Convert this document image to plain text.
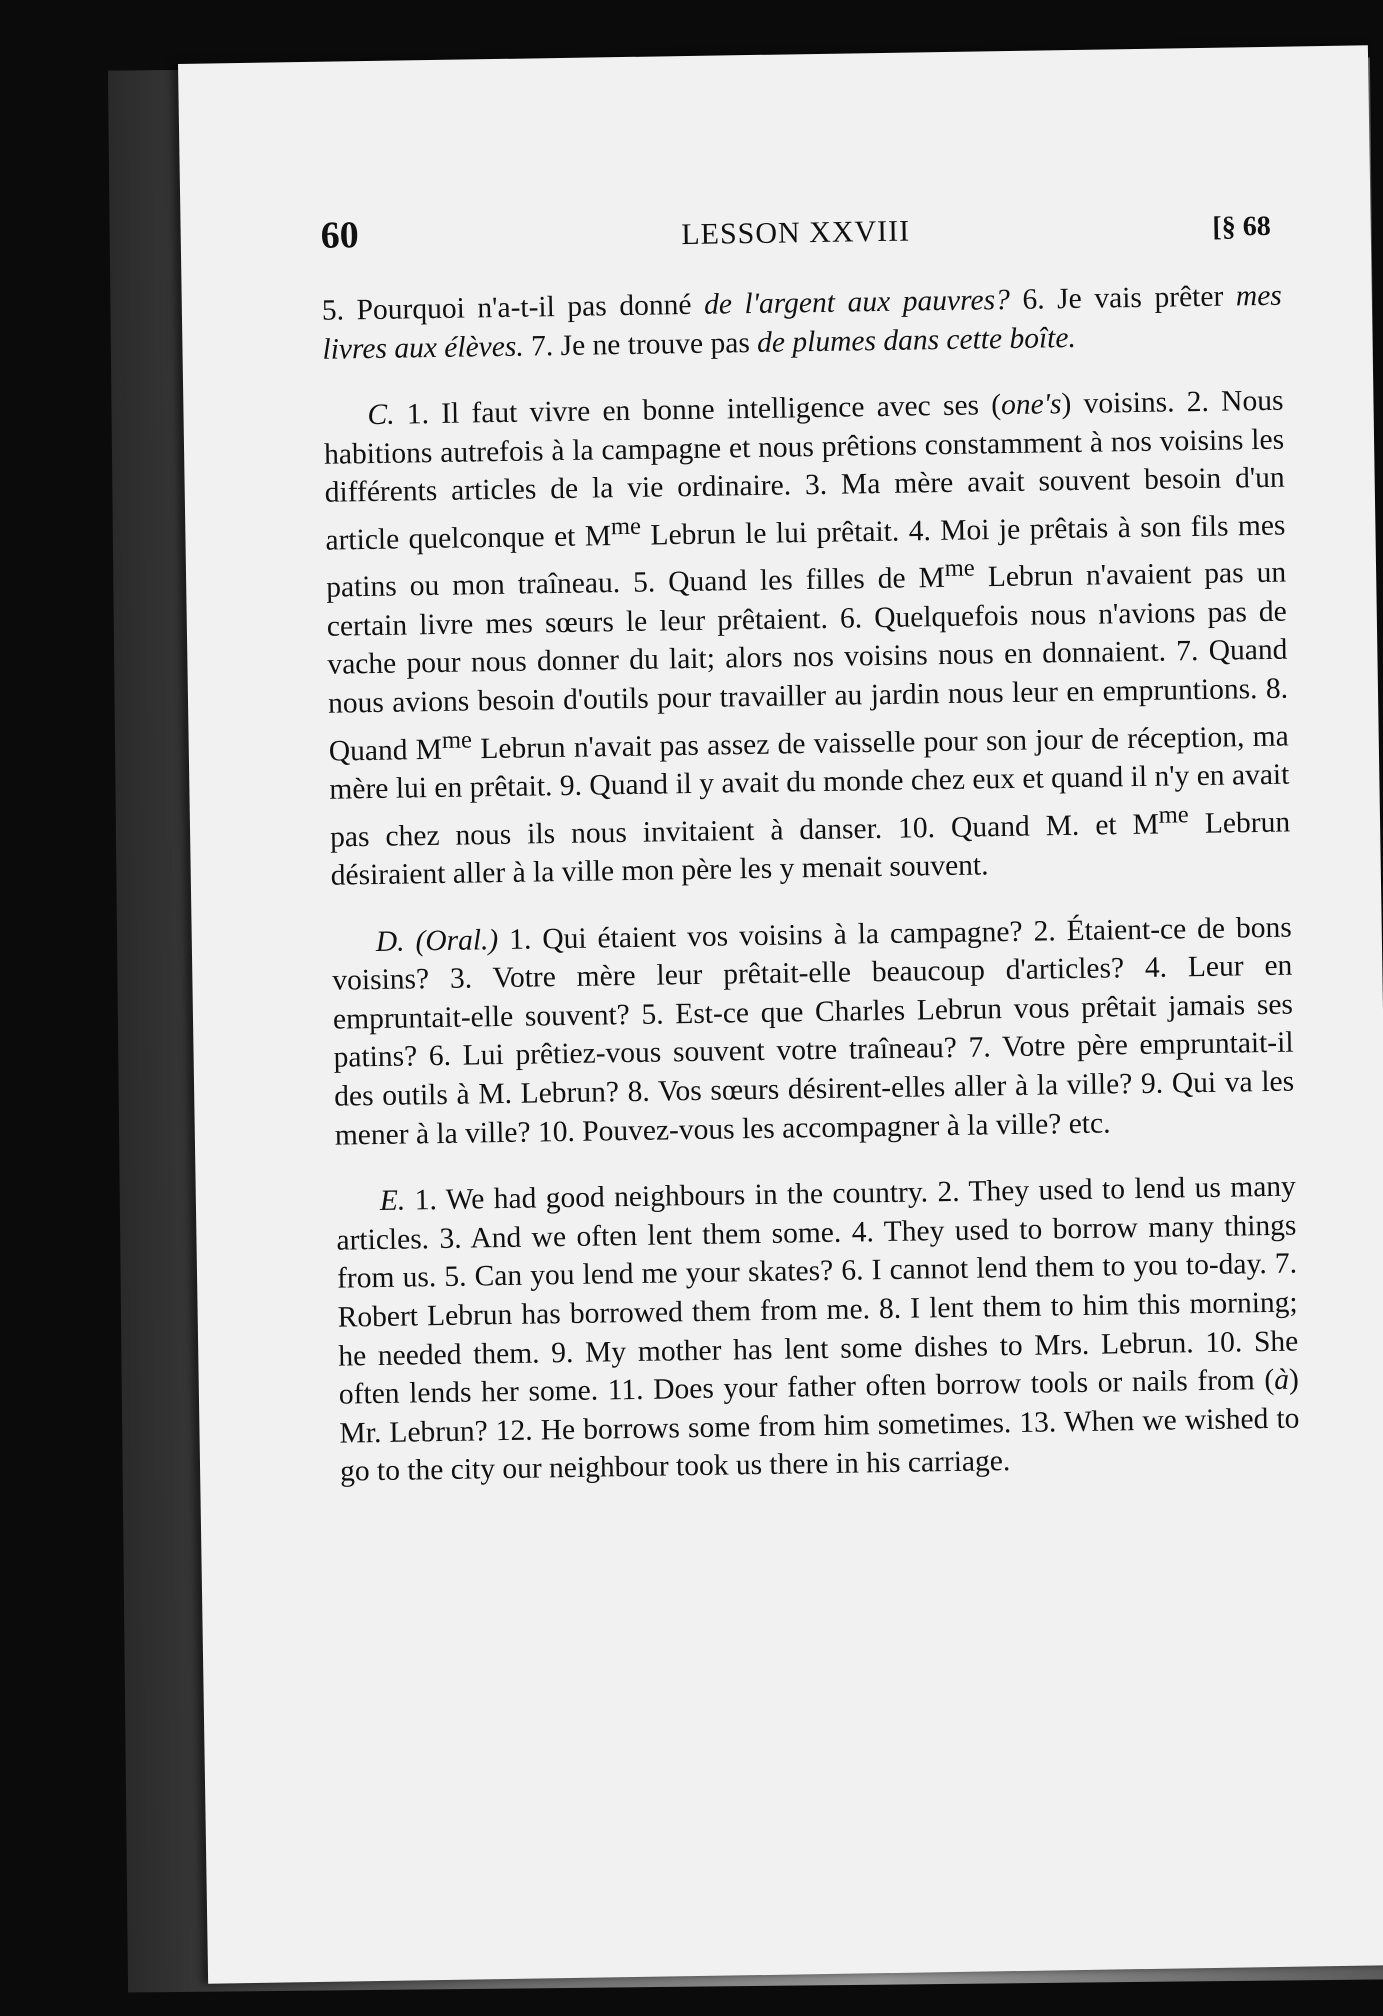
60	LESSON XXVIII	[§ 68

5. Pourquoi n'a-t-il pas donné de l'argent aux pauvres? 6. Je vais prêter mes livres aux élèves. 7. Je ne trouve pas de plumes dans cette boîte.

C. 1. Il faut vivre en bonne intelligence avec ses (one's) voisins. 2. Nous habitions autrefois à la campagne et nous prêtions constamment à nos voisins les différents articles de la vie ordinaire. 3. Ma mère avait souvent besoin d'un article quelconque et $M^{me}$ Lebrun le lui prêtait. 4. Moi je prêtais à son fils mes patins ou mon traîneau. 5. Quand les filles de $M^{me}$ Lebrun n'avaient pas un certain livre mes sœurs le leur prêtaient. 6. Quelquefois nous n'avions pas de vache pour nous donner du lait; alors nos voisins nous en donnaient. 7. Quand nous avions besoin d'outils pour travailler au jardin nous leur en empruntions. 8. Quand $M^{me}$ Lebrun n'avait pas assez de vaisselle pour son jour de réception, ma mère lui en prêtait. 9. Quand il y avait du monde chez eux et quand il n'y en avait pas chez nous ils nous invitaient à danser. 10. Quand M. et $M^{me}$ Lebrun désiraient aller à la ville mon père les y menait souvent.

D. (Oral.) 1. Qui étaient vos voisins à la campagne? 2. Étaient-ce de bons voisins? 3. Votre mère leur prêtait-elle beaucoup d'articles? 4. Leur en empruntait-elle souvent? 5. Est-ce que Charles Lebrun vous prêtait jamais ses patins? 6. Lui prêtiez-vous souvent votre traîneau? 7. Votre père empruntait-il des outils à M. Lebrun? 8. Vos sœurs désirent-elles aller à la ville? 9. Qui va les mener à la ville? 10. Pouvez-vous les accompagner à la ville? etc.

E. 1. We had good neighbours in the country. 2. They used to lend us many articles. 3. And we often lent them some. 4. They used to borrow many things from us. 5. Can you lend me your skates? 6. I cannot lend them to you to-day. 7. Robert Lebrun has borrowed them from me. 8. I lent them to him this morning; he needed them. 9. My mother has lent some dishes to Mrs. Lebrun. 10. She often lends her some. 11. Does your father often borrow tools or nails from (à) Mr. Lebrun? 12. He borrows some from him sometimes. 13. When we wished to go to the city our neighbour took us there in his carriage.
